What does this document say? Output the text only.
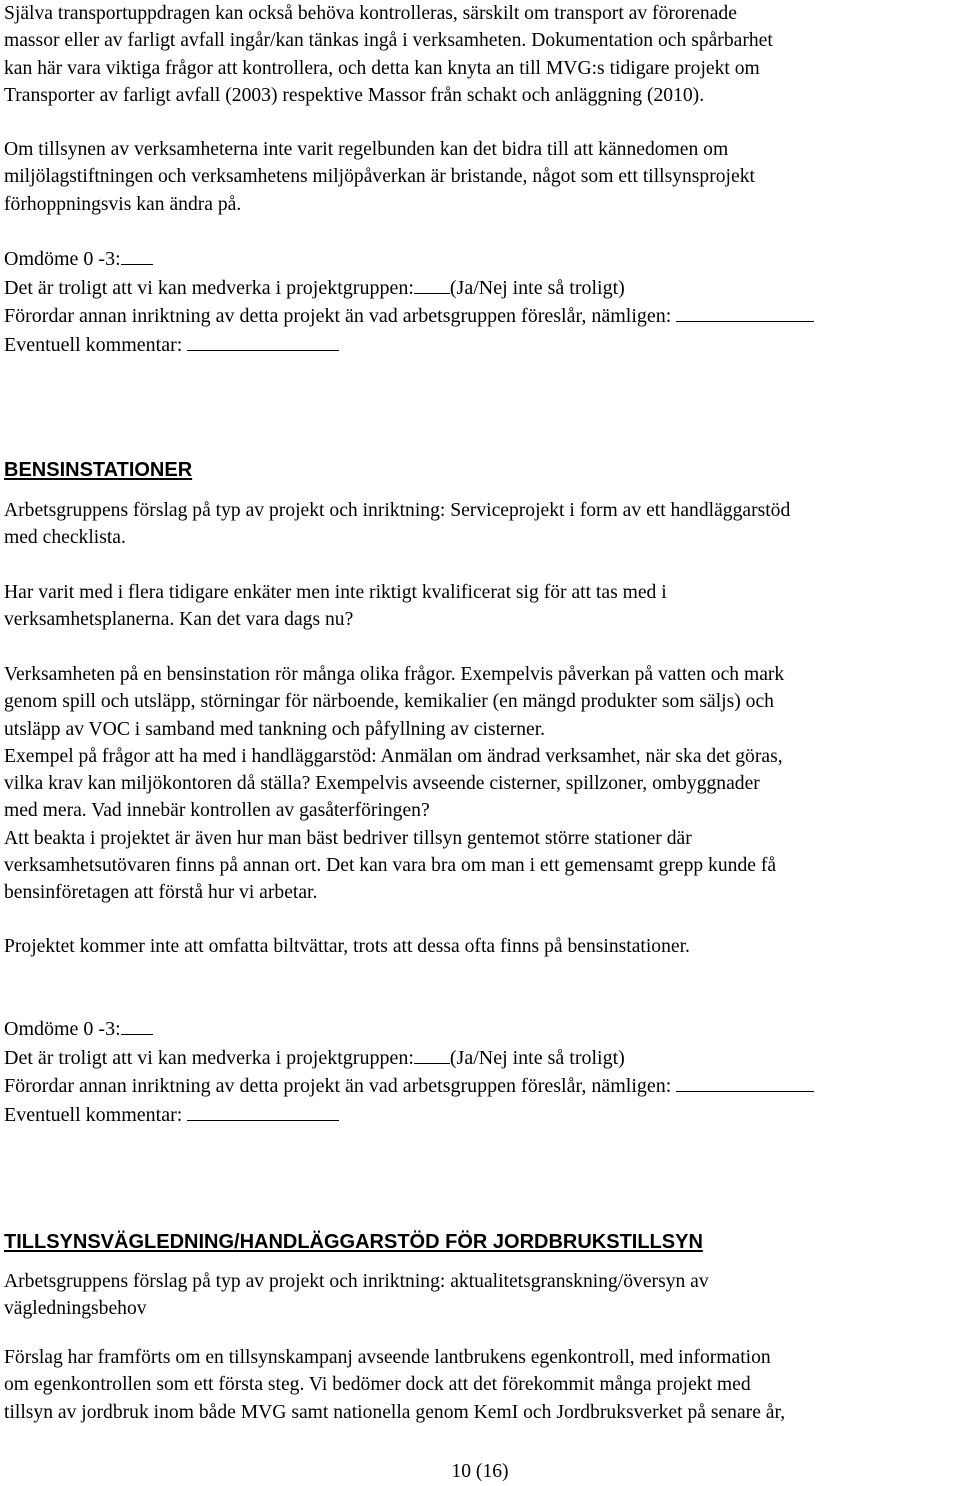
Själva transportuppdragen kan också behöva kontrolleras, särskilt om transport av förorenade
massor eller av farligt avfall ingår/kan tänkas ingå i verksamheten. Dokumentation och spårbarhet
kan här vara viktiga frågor att kontrollera, och detta kan knyta an till MVG:s tidigare projekt om
Transporter av farligt avfall (2003) respektive Massor från schakt och anläggning (2010).
Om tillsynen av verksamheterna inte varit regelbunden kan det bidra till att kännedomen om
miljölagstiftningen och verksamhetens miljöpåverkan är bristande, något som ett tillsynsprojekt
förhoppningsvis kan ändra på.
Omdöme 0 -3:
Det är troligt att vi kan medverka i projektgruppen: (Ja/Nej inte så troligt)
Förordar annan inriktning av detta projekt än vad arbetsgruppen föreslår, nämligen:
Eventuell kommentar:
BENSINSTATIONER
Arbetsgruppens förslag på typ av projekt och inriktning: Serviceprojekt i form av ett handläggarstöd
med checklista.
Har varit med i flera tidigare enkäter men inte riktigt kvalificerat sig för att tas med i
verksamhetsplanerna. Kan det vara dags nu?
Verksamheten på en bensinstation rör många olika frågor. Exempelvis påverkan på vatten och mark
genom spill och utsläpp, störningar för närboende, kemikalier (en mängd produkter som säljs) och
utsläpp av VOC i samband med tankning och påfyllning av cisterner.
Exempel på frågor att ha med i handläggarstöd: Anmälan om ändrad verksamhet, när ska det göras,
vilka krav kan miljökontoren då ställa? Exempelvis avseende cisterner, spillzoner, ombyggnader
med mera. Vad innebär kontrollen av gasåterföringen?
Att beakta i projektet är även hur man bäst bedriver tillsyn gentemot större stationer där
verksamhetsutövaren finns på annan ort. Det kan vara bra om man i ett gemensamt grepp kunde få
bensinföretagen att förstå hur vi arbetar.
Projektet kommer inte att omfatta biltvättar, trots att dessa ofta finns på bensinstationer.
Omdöme 0 -3:
Det är troligt att vi kan medverka i projektgruppen: (Ja/Nej inte så troligt)
Förordar annan inriktning av detta projekt än vad arbetsgruppen föreslår, nämligen:
Eventuell kommentar:
TILLSYNSVÄGLEDNING/HANDLÄGGARSTÖD FÖR JORDBRUKSTILLSYN
Arbetsgruppens förslag på typ av projekt och inriktning: aktualitetsgranskning/översyn av
vägledningsbehov
Förslag har framförts om en tillsynskampanj avseende lantbrukens egenkontroll, med information
om egenkontrollen som ett första steg. Vi bedömer dock att det förekommit många projekt med
tillsyn av jordbruk inom både MVG samt nationella genom KemI och Jordbruksverket på senare år,
10 (16)
